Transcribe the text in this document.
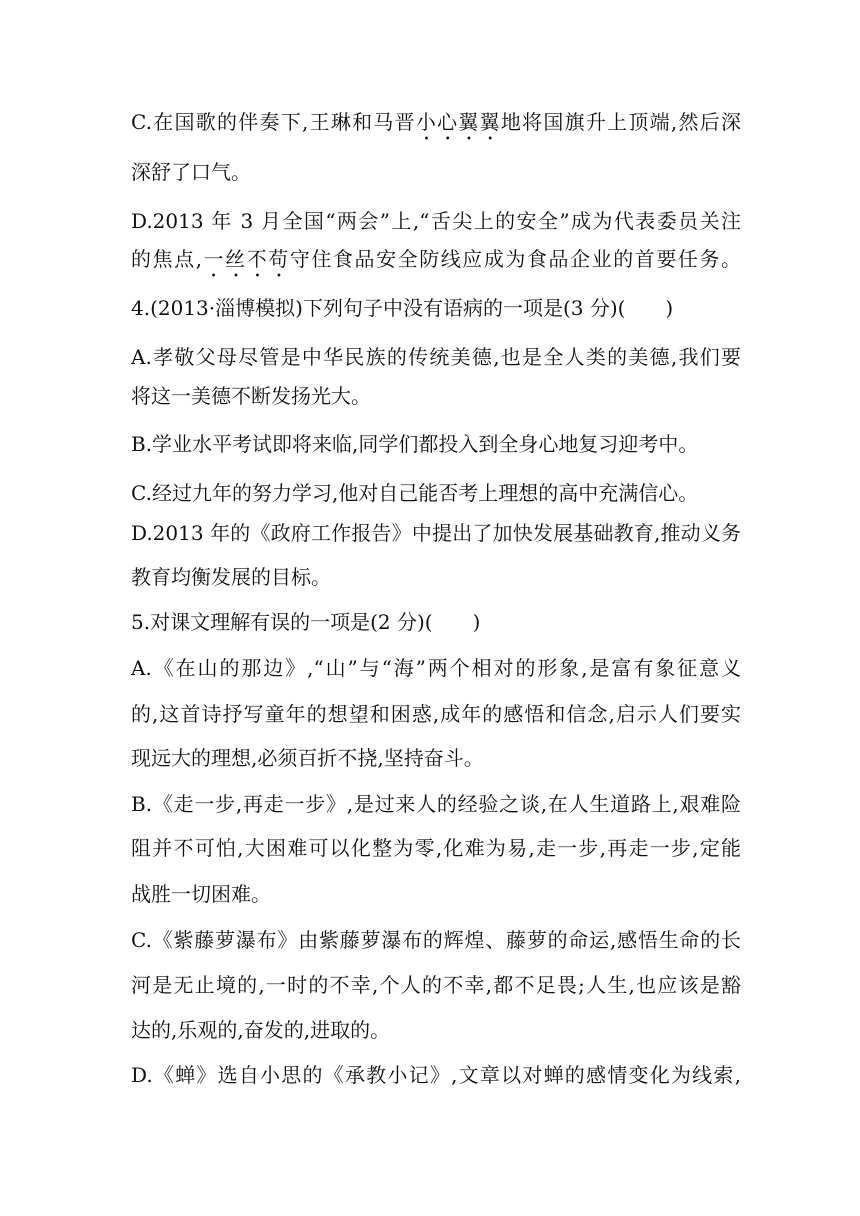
C.在国歌的伴奏下,王琳和马晋小心翼翼地将国旗升上顶端,然后深
深舒了口气。
D.2013 年 3 月全国“两会”上,“舌尖上的安全”成为代表委员关注
的焦点,一丝不苟守住食品安全防线应成为食品企业的首要任务。
4.(2013·淄博模拟)下列句子中没有语病的一项是(3 分)(　　)
A.孝敬父母尽管是中华民族的传统美德,也是全人类的美德,我们要
将这一美德不断发扬光大。
B.学业水平考试即将来临,同学们都投入到全身心地复习迎考中。
C.经过九年的努力学习,他对自己能否考上理想的高中充满信心。
D.2013 年的《政府工作报告》中提出了加快发展基础教育,推动义务
教育均衡发展的目标。
5.对课文理解有误的一项是(2 分)(　　)
A.《在山的那边》,“山”与“海”两个相对的形象,是富有象征意义
的,这首诗抒写童年的想望和困惑,成年的感悟和信念,启示人们要实
现远大的理想,必须百折不挠,坚持奋斗。
B.《走一步,再走一步》,是过来人的经验之谈,在人生道路上,艰难险
阻并不可怕,大困难可以化整为零,化难为易,走一步,再走一步,定能
战胜一切困难。
C.《紫藤萝瀑布》由紫藤萝瀑布的辉煌、藤萝的命运,感悟生命的长
河是无止境的,一时的不幸,个人的不幸,都不足畏;人生,也应该是豁
达的,乐观的,奋发的,进取的。
D.《蝉》选自小思的《承教小记》,文章以对蝉的感情变化为线索,
